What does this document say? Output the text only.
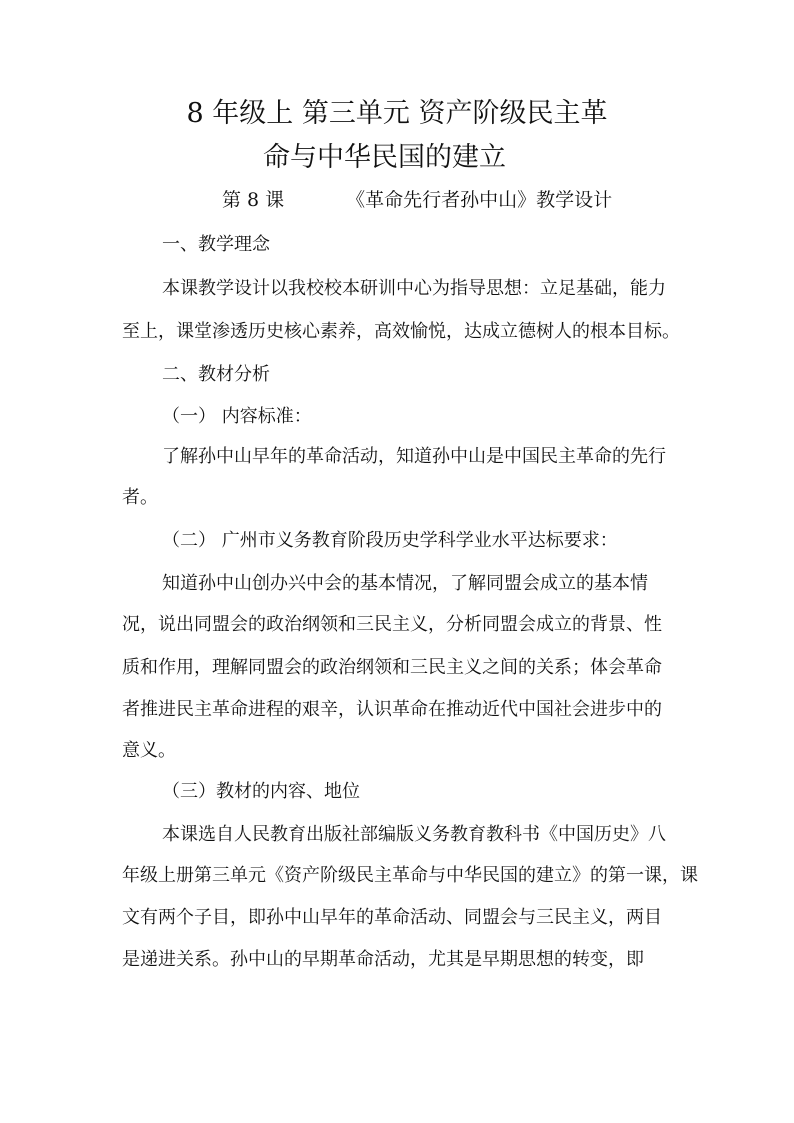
8 年级上 第三单元 资产阶级民主革
命与中华民国的建立
第 8 课	《革命先行者孙中山》教学设计
一、教学理念
本课教学设计以我校校本研训中心为指导思想：立足基础，能力
至上，课堂渗透历史核心素养，高效愉悦，达成立德树人的根本目标。
二、教材分析
（一） 内容标准：
了解孙中山早年的革命活动，知道孙中山是中国民主革命的先行
者。
（二） 广州市义务教育阶段历史学科学业水平达标要求：
知道孙中山创办兴中会的基本情况，了解同盟会成立的基本情
况，说出同盟会的政治纲领和三民主义，分析同盟会成立的背景、性
质和作用，理解同盟会的政治纲领和三民主义之间的关系；体会革命
者推进民主革命进程的艰辛，认识革命在推动近代中国社会进步中的
意义。
（三）教材的内容、地位
本课选自人民教育出版社部编版义务教育教科书《中国历史》八
年级上册第三单元《资产阶级民主革命与中华民国的建立》的第一课，课
文有两个子目，即孙中山早年的革命活动、同盟会与三民主义，两目
是递进关系。孙中山的早期革命活动，尤其是早期思想的转变，即
